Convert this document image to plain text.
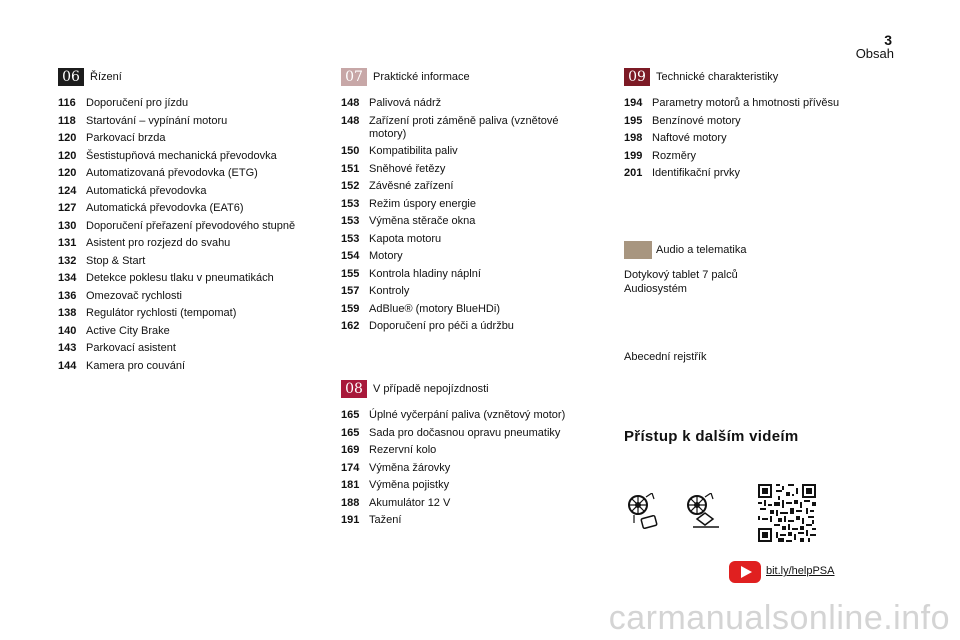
3
Obsah
06 Řízení
116 Doporučení pro jízdu
118 Startování – vypínání motoru
120 Parkovací brzda
120 Šestistupňová mechanická převodovka
120 Automatizovaná převodovka (ETG)
124 Automatická převodovka
127 Automatická převodovka (EAT6)
130 Doporučení přeřazení převodového stupně
131 Asistent pro rozjezd do svahu
132 Stop & Start
134 Detekce poklesu tlaku v pneumatikách
136 Omezovač rychlosti
138 Regulátor rychlosti (tempomat)
140 Active City Brake
143 Parkovací asistent
144 Kamera pro couvání
07 Praktické informace
148 Palivová nádrž
148 Zařízení proti záměně paliva (vznětové motory)
150 Kompatibilita paliv
151 Sněhové řetězy
152 Závěsné zařízení
153 Režim úspory energie
153 Výměna stěrače okna
153 Kapota motoru
154 Motory
155 Kontrola hladiny náplní
157 Kontroly
159 AdBlue® (motory BlueHDi)
162 Doporučení pro péči a údržbu
08 V případě nepojízdnosti
165 Úplné vyčerpání paliva (vznětový motor)
165 Sada pro dočasnou opravu pneumatiky
169 Rezervní kolo
174 Výměna žárovky
181 Výměna pojistky
188 Akumulátor 12 V
191 Tažení
09 Technické charakteristiky
194 Parametry motorů a hmotnosti přívěsu
195 Benzínové motory
198 Naftové motory
199 Rozměry
201 Identifikační prvky
Audio a telematika
Dotykový tablet 7 palců
Audiosystém
Abecední rejstřík
Přístup k dalším videím
bit.ly/helpPSA
carmanualsonline.info
